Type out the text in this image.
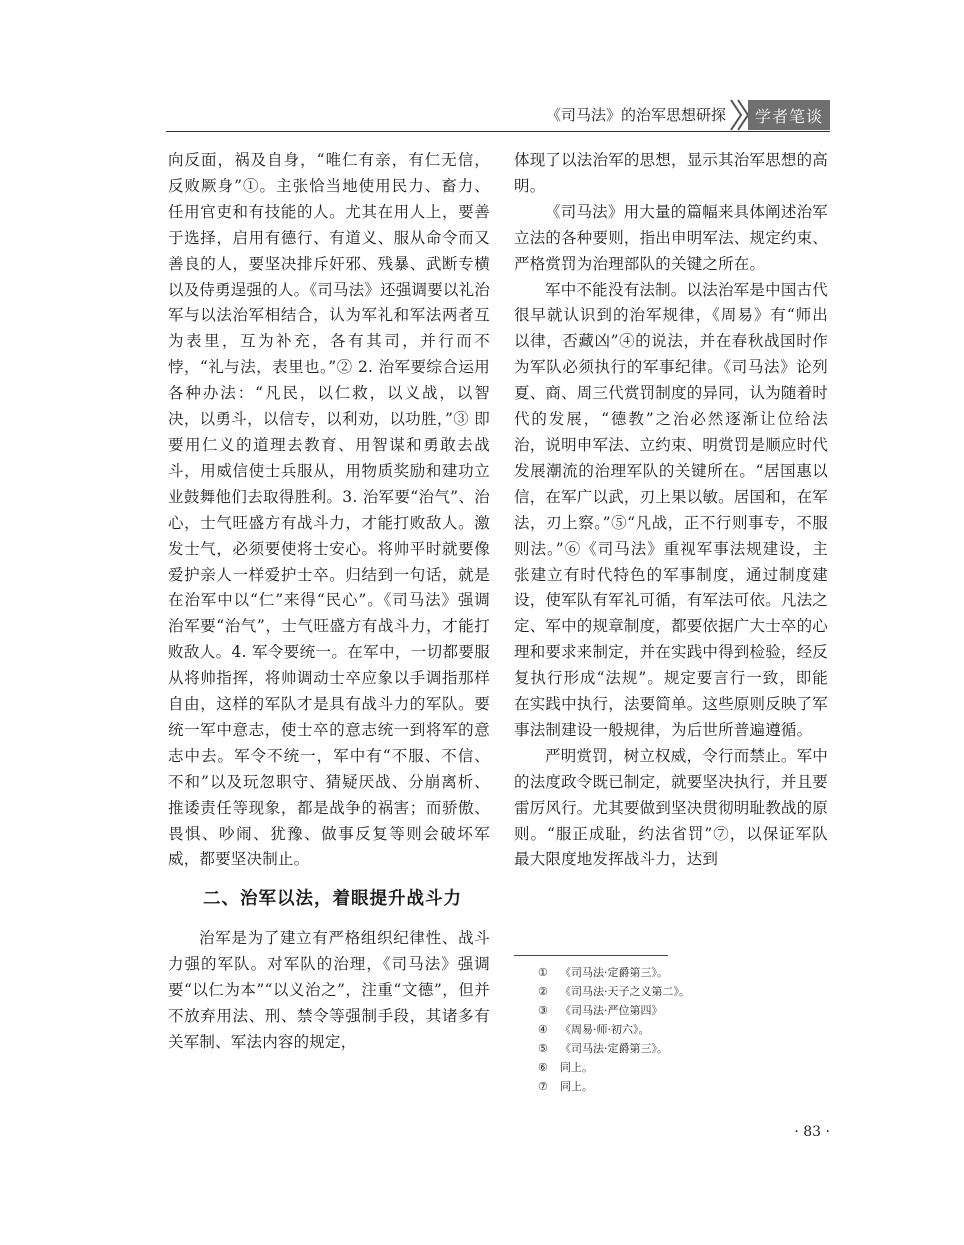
《司马法》的治军思想研探	学者笔谈

向反面，祸及自身，“唯仁有亲，有仁无信，反败厥身”①。主张恰当地使用民力、畜力、任用官吏和有技能的人。尤其在用人上，要善于选择，启用有德行、有道义、服从命令而又善良的人，要坚决排斥奸邪、残暴、武断专横以及侍勇逞强的人。《司马法》还强调要以礼治军与以法治军相结合，认为军礼和军法两者互为表里，互为补充，各有其司，并行而不悖，“礼与法，表里也。”② 2. 治军要综合运用各种办法：“凡民，以仁救，以义战，以智决，以勇斗，以信专，以利劝，以功胜，”③ 即要用仁义的道理去教育、用智谋和勇敢去战斗，用威信使士兵服从，用物质奖励和建功立业鼓舞他们去取得胜利。3. 治军要“治气”、治心，士气旺盛方有战斗力，才能打败敌人。激发士气，必须要使将士安心。将帅平时就要像爱护亲人一样爱护士卒。归结到一句话，就是在治军中以“仁”来得“民心”。《司马法》强调治军要“治气”，士气旺盛方有战斗力，才能打败敌人。4. 军令要统一。在军中，一切都要服从将帅指挥，将帅调动士卒应象以手调指那样自由，这样的军队才是具有战斗力的军队。要统一军中意志，使士卒的意志统一到将军的意志中去。军令不统一，军中有“不服、不信、不和”以及玩忽职守、猜疑厌战、分崩离析、推诿责任等现象，都是战争的祸害；而骄傲、畏惧、吵闹、犹豫、做事反复等则会破坏军威，都要坚决制止。

二、治军以法，着眼提升战斗力

治军是为了建立有严格组织纪律性、战斗力强的军队。对军队的治理，《司马法》强调要“以仁为本”“以义治之”，注重“文德”，但并不放弃用法、刑、禁令等强制手段，其诸多有关军制、军法内容的规定，

体现了以法治军的思想，显示其治军思想的高明。

《司马法》用大量的篇幅来具体阐述治军立法的各种要则，指出申明军法、规定约束、严格赏罚为治理部队的关键之所在。

军中不能没有法制。以法治军是中国古代很早就认识到的治军规律，《周易》有“师出以律，否藏凶”④的说法，并在春秋战国时作为军队必须执行的军事纪律。《司马法》论列夏、商、周三代赏罚制度的异同，认为随着时代的发展，“德教”之治必然逐渐让位给法治，说明申军法、立约束、明赏罚是顺应时代发展潮流的治理军队的关键所在。“居国惠以信，在军广以武，刃上果以敏。居国和，在军法，刃上察。”⑤“凡战，正不行则事专，不服则法。”⑥《司马法》重视军事法规建设，主张建立有时代特色的军事制度，通过制度建设，使军队有军礼可循，有军法可依。凡法之定、军中的规章制度，都要依据广大士卒的心理和要求来制定，并在实践中得到检验，经反复执行形成“法规”。规定要言行一致，即能在实践中执行，法要简单。这些原则反映了军事法制建设一般规律，为后世所普遍遵循。

严明赏罚，树立权威，令行而禁止。军中的法度政令既已制定，就要坚决执行，并且要雷厉风行。尤其要做到坚决贯彻明耻教战的原则。“服正成耻，约法省罚”⑦，以保证军队最大限度地发挥战斗力，达到

①	《司马法·定爵第三》。
②	《司马法·天子之义第二》。
③	《司马法·严位第四》
④	《周易·师·初六》。
⑤	《司马法·定爵第三》。
⑥	同上。
⑦	同上。
· 83 ·
